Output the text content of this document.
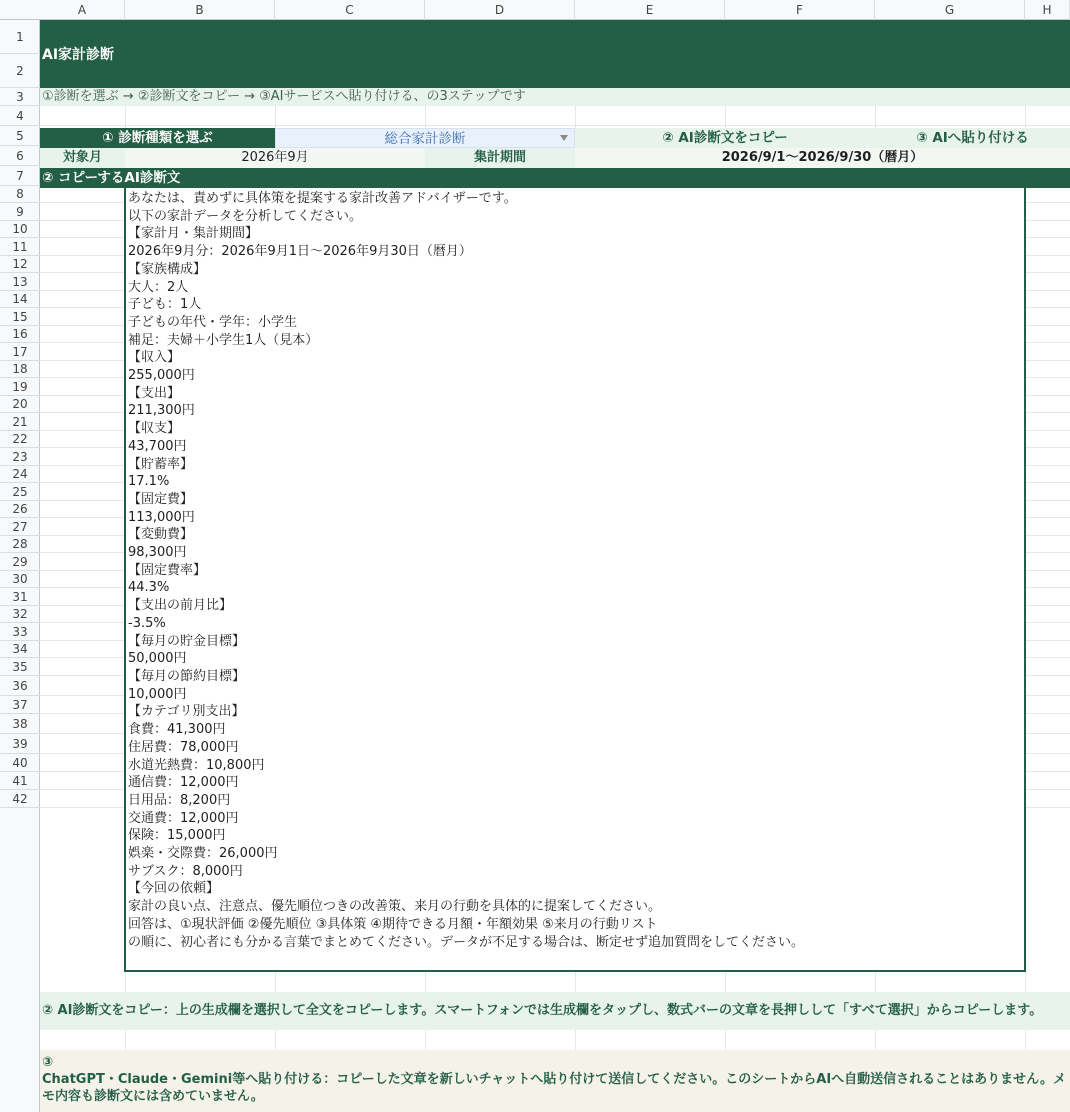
A	B	C	D	E	F	G	H
1
2
3
4
5
6
7
8
9
10
11
12
13
14
15
16
17
18
19
20
21
22
23
24
25
26
27
28
29
30
31
32
33
34
35
36
37
38
39
40
41
42
AI家計診断
①診断を選ぶ → ②診断文をコピー → ③AIサービスへ貼り付ける、の3ステップです
① 診断種類を選ぶ	総合家計診断	② AI診断文をコピー	③ AIへ貼り付ける
対象月	2026年9月	集計期間	2026/9/1〜2026/9/30（暦月）
② コピーするAI診断文
あなたは、責めずに具体策を提案する家計改善アドバイザーです。
以下の家計データを分析してください。
【家計月・集計期間】
2026年9月分：2026年9月1日〜2026年9月30日（暦月）
【家族構成】
大人：2人
子ども：1人
子どもの年代・学年：小学生
補足：夫婦＋小学生1人（見本）
【収入】
255,000円
【支出】
211,300円
【収支】
43,700円
【貯蓄率】
17.1%
【固定費】
113,000円
【変動費】
98,300円
【固定費率】
44.3%
【支出の前月比】
-3.5%
【毎月の貯金目標】
50,000円
【毎月の節約目標】
10,000円
【カテゴリ別支出】
食費：41,300円
住居費：78,000円
水道光熱費：10,800円
通信費：12,000円
日用品：8,200円
交通費：12,000円
保険：15,000円
娯楽・交際費：26,000円
サブスク：8,000円
【今回の依頼】
家計の良い点、注意点、優先順位つきの改善策、来月の行動を具体的に提案してください。
回答は、①現状評価 ②優先順位 ③具体策 ④期待できる月額・年額効果 ⑤来月の行動リスト
の順に、初心者にも分かる言葉でまとめてください。データが不足する場合は、断定せず追加質問をしてください。
② AI診断文をコピー：上の生成欄を選択して全文をコピーします。スマートフォンでは生成欄をタップし、数式バーの文章を長押しして「すべて選択」からコピーします。
③
ChatGPT・Claude・Gemini等へ貼り付ける：コピーした文章を新しいチャットへ貼り付けて送信してください。このシートからAIへ自動送信されることはありません。メモ内容も診断文には含めていません。
